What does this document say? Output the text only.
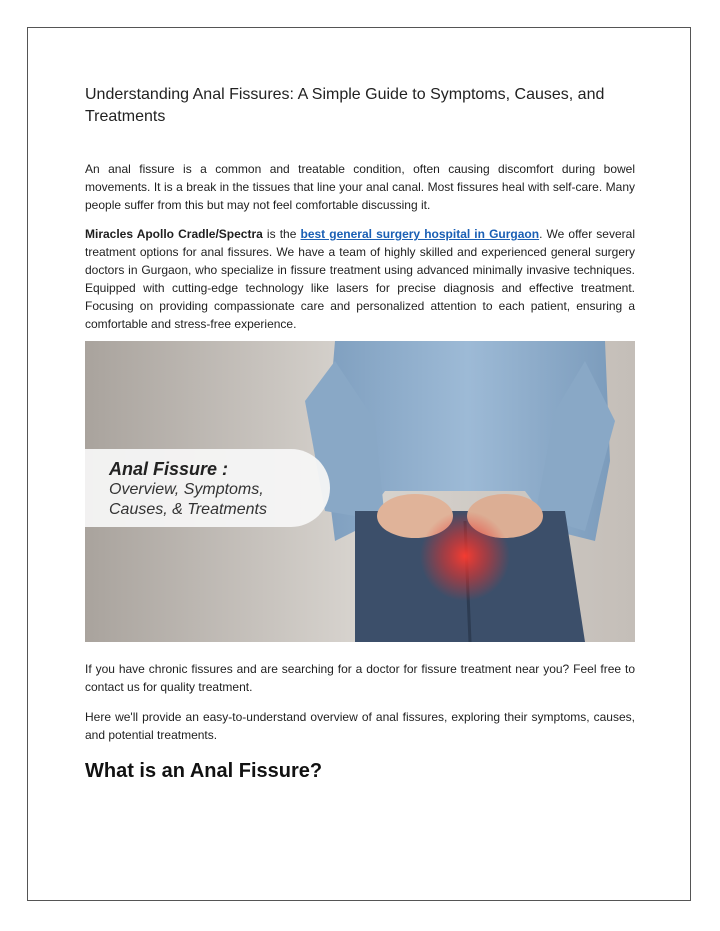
Understanding Anal Fissures: A Simple Guide to Symptoms, Causes, and Treatments

An anal fissure is a common and treatable condition, often causing discomfort during bowel movements. It is a break in the tissues that line your anal canal. Most fissures heal with self-care. Many people suffer from this but may not feel comfortable discussing it.

Miracles Apollo Cradle/Spectra is the best general surgery hospital in Gurgaon. We offer several treatment options for anal fissures. We have a team of highly skilled and experienced general surgery doctors in Gurgaon, who specialize in fissure treatment using advanced minimally invasive techniques. Equipped with cutting-edge technology like lasers for precise diagnosis and effective treatment. Focusing on providing compassionate care and personalized attention to each patient, ensuring a comfortable and stress-free experience.

Anal Fissure :
Overview, Symptoms,
Causes, & Treatments

If you have chronic fissures and are searching for a doctor for fissure treatment near you? Feel free to contact us for quality treatment.

Here we'll provide an easy-to-understand overview of anal fissures, exploring their symptoms, causes, and potential treatments.

What is an Anal Fissure?
